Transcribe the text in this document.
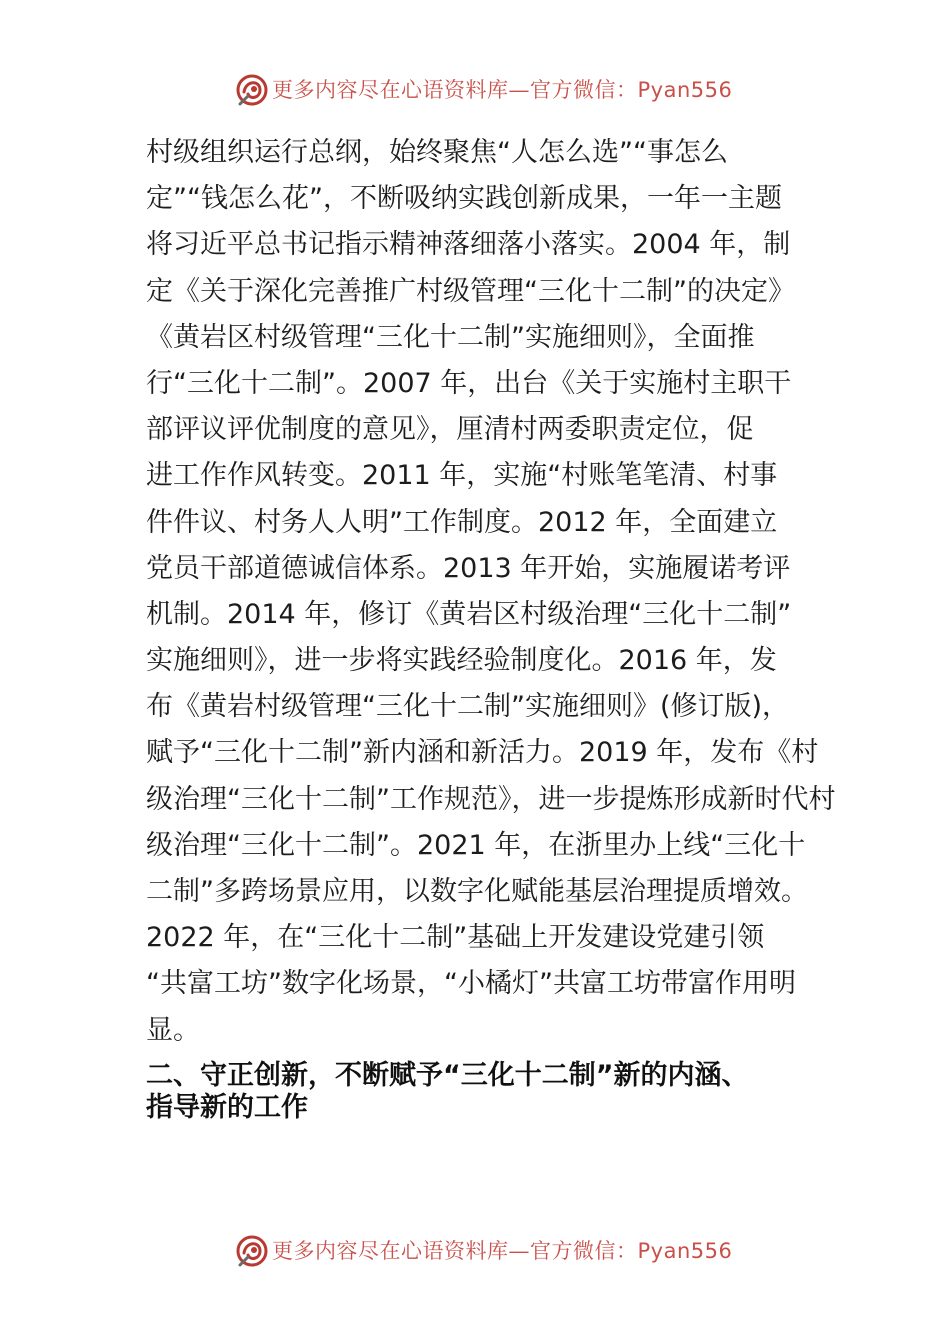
更多内容尽在心语资料库—官方微信：Pyan556
村级组织运行总纲，始终聚焦“人怎么选”“事怎么
定”“钱怎么花”，不断吸纳实践创新成果，一年一主题
将习近平总书记指示精神落细落小落实。2004 年，制
定《关于深化完善推广村级管理“三化十二制”的决定》
《黄岩区村级管理“三化十二制”实施细则》，全面推
行“三化十二制”。2007 年，出台《关于实施村主职干
部评议评优制度的意见》，厘清村两委职责定位，促
进工作作风转变。2011 年，实施“村账笔笔清、村事
件件议、村务人人明”工作制度。2012 年，全面建立
党员干部道德诚信体系。2013 年开始，实施履诺考评
机制。2014 年，修订《黄岩区村级治理“三化十二制”
实施细则》，进一步将实践经验制度化。2016 年，发
布《黄岩村级管理“三化十二制”实施细则》(修订版)，
赋予“三化十二制”新内涵和新活力。2019 年，发布《村
级治理“三化十二制”工作规范》，进一步提炼形成新时代村
级治理“三化十二制”。2021 年，在浙里办上线“三化十
二制”多跨场景应用，以数字化赋能基层治理提质增效。
2022 年，在“三化十二制”基础上开发建设党建引领
“共富工坊”数字化场景，“小橘灯”共富工坊带富作用明
显。
二、守正创新，不断赋予“三化十二制”新的内涵、
指导新的工作
更多内容尽在心语资料库—官方微信：Pyan556
